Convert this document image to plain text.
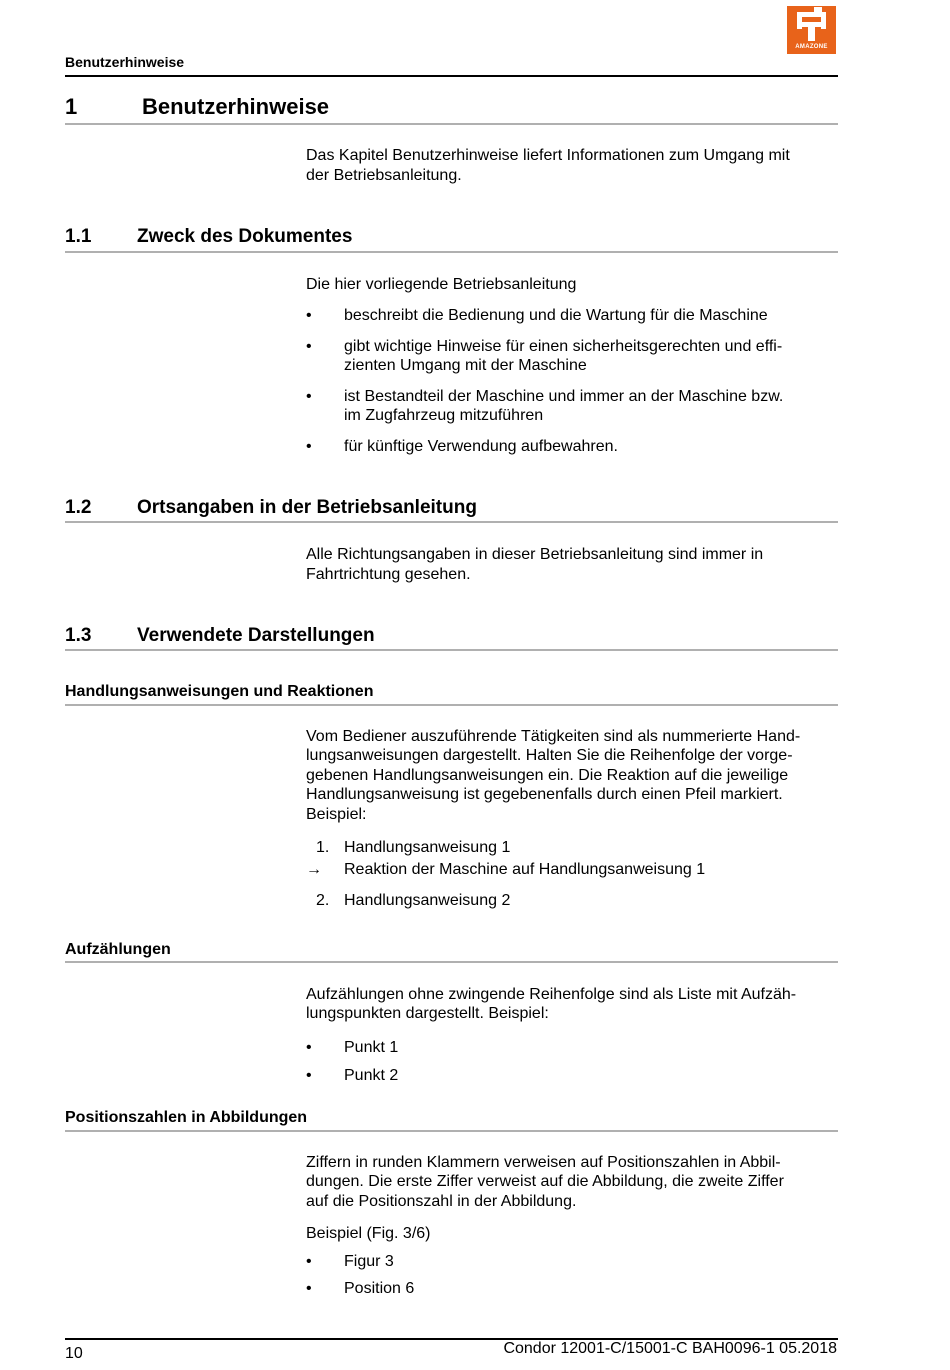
AMAZONE
Benutzerhinweise
1	Benutzerhinweise
Das Kapitel Benutzerhinweise liefert Informationen zum Umgang mit
der Betriebsanleitung.
1.1 Zweck des Dokumentes
Die hier vorliegende Betriebsanleitung
• beschreibt die Bedienung und die Wartung für die Maschine
• gibt wichtige Hinweise für einen sicherheitsgerechten und effi-
zienten Umgang mit der Maschine
• ist Bestandteil der Maschine und immer an der Maschine bzw.
im Zugfahrzeug mitzuführen
• für künftige Verwendung aufbewahren.
1.2 Ortsangaben in der Betriebsanleitung
Alle Richtungsangaben in dieser Betriebsanleitung sind immer in
Fahrtrichtung gesehen.
1.3 Verwendete Darstellungen
Handlungsanweisungen und Reaktionen
Vom Bediener auszuführende Tätigkeiten sind als nummerierte Hand-
lungsanweisungen dargestellt. Halten Sie die Reihenfolge der vorge-
gebenen Handlungsanweisungen ein. Die Reaktion auf die jeweilige
Handlungsanweisung ist gegebenenfalls durch einen Pfeil markiert.
Beispiel:
1. Handlungsanweisung 1
→ Reaktion der Maschine auf Handlungsanweisung 1
2. Handlungsanweisung 2
Aufzählungen
Aufzählungen ohne zwingende Reihenfolge sind als Liste mit Aufzäh-
lungspunkten dargestellt. Beispiel:
• Punkt 1
• Punkt 2
Positionszahlen in Abbildungen
Ziffern in runden Klammern verweisen auf Positionszahlen in Abbil-
dungen. Die erste Ziffer verweist auf die Abbildung, die zweite Ziffer
auf die Positionszahl in der Abbildung.
Beispiel (Fig. 3/6)
• Figur 3
• Position 6
10	Condor 12001-C/15001-C BAH0096-1 05.2018
